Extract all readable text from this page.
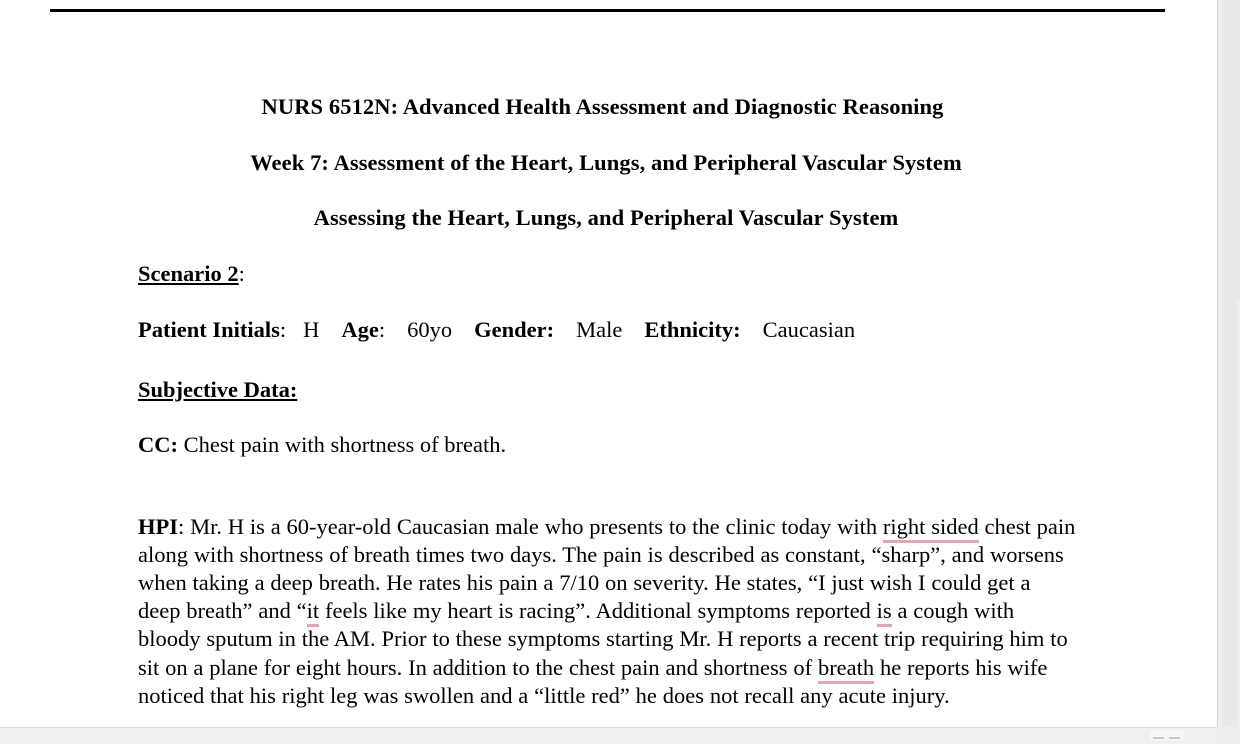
NURS 6512N: Advanced Health Assessment and Diagnostic Reasoning
Week 7: Assessment of the Heart, Lungs, and Peripheral Vascular System
Assessing the Heart, Lungs, and Peripheral Vascular System
Scenario 2:
Patient Initials: H Age: 60yo Gender: Male Ethnicity: Caucasian
Subjective Data:
CC: Chest pain with shortness of breath.

HPI: Mr. H is a 60-year-old Caucasian male who presents to the clinic today with right sided chest pain along with shortness of breath times two days. The pain is described as constant, “sharp”, and worsens when taking a deep breath. He rates his pain a 7/10 on severity. He states, “I just wish I could get a deep breath” and “it feels like my heart is racing”. Additional symptoms reported is a cough with bloody sputum in the AM. Prior to these symptoms starting Mr. H reports a recent trip requiring him to sit on a plane for eight hours. In addition to the chest pain and shortness of breath he reports his wife noticed that his right leg was swollen and a “little red” he does not recall any acute injury.
